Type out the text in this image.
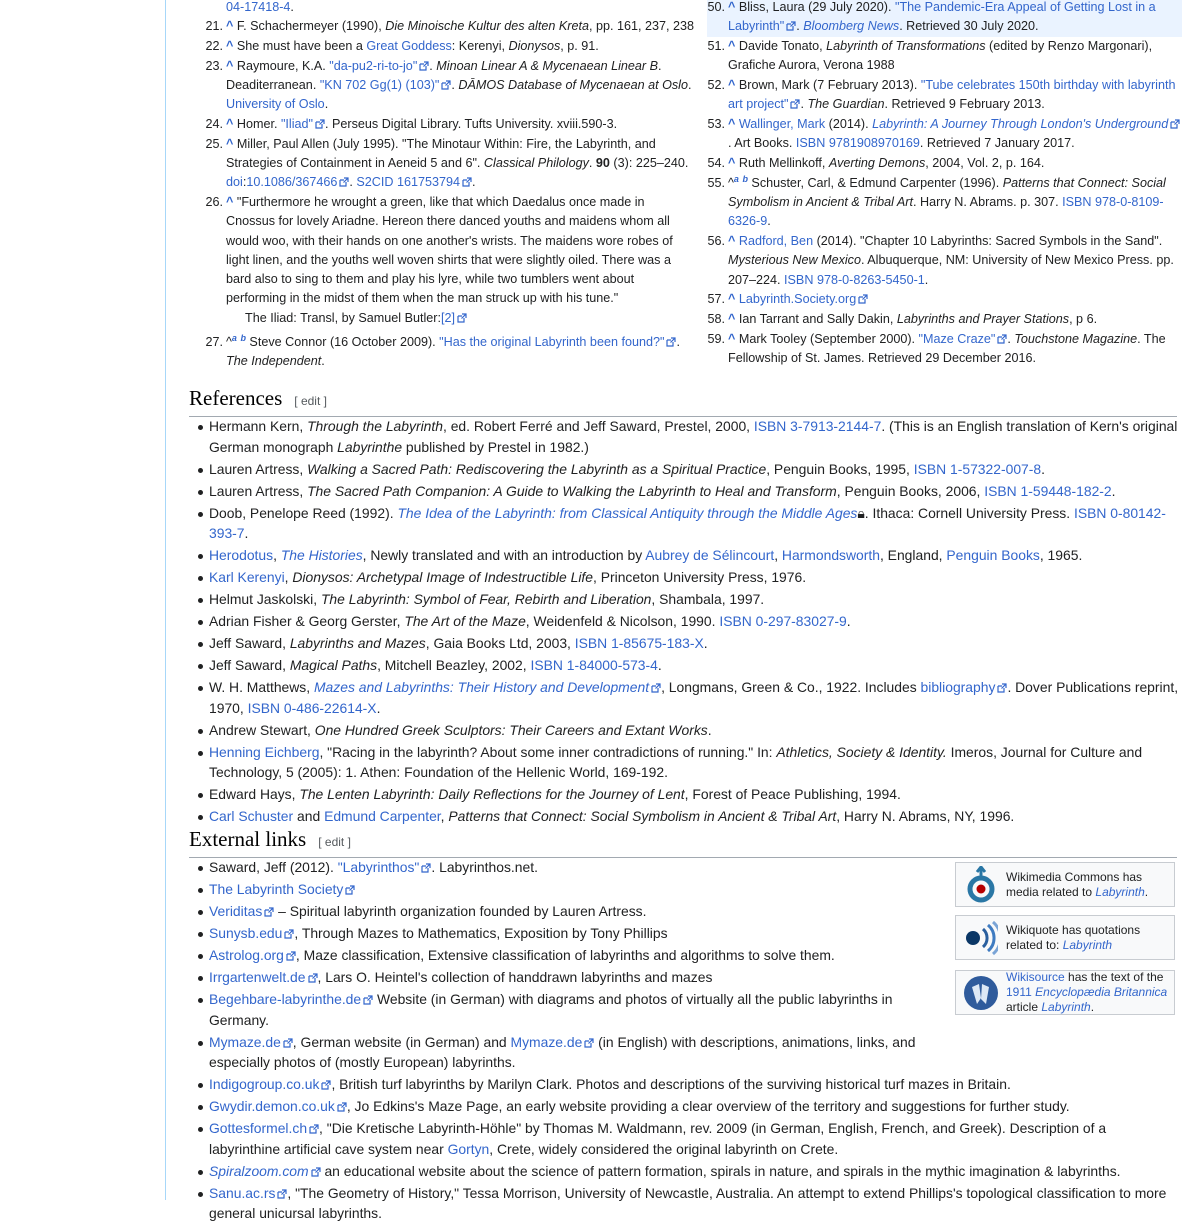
04-17418-4.
21. ^ F. Schachermeyer (1990), Die Minoische Kultur des alten Kreta, pp. 161, 237, 238
22. ^ She must have been a Great Goddess: Kerenyi, Dionysos, p. 91.
23. ^ Raymoure, K.A. "da-pu2-ri-to-jo" . Minoan Linear A & Mycenaean Linear B. Deaditerranean. "KN 702 Gg(1) (103)" . DĀMOS Database of Mycenaean at Oslo. University of Oslo.
24. ^ Homer. "Iliad" . Perseus Digital Library. Tufts University. xviii.590-3.
25. ^ Miller, Paul Allen (July 1995). "The Minotaur Within: Fire, the Labyrinth, and Strategies of Containment in Aeneid 5 and 6". Classical Philology. 90 (3): 225–240. doi:10.1086/367466 . S2CID 161753794 .
26. ^ "Furthermore he wrought a green, like that which Daedalus once made in Cnossus for lovely Ariadne. Hereon there danced youths and maidens whom all would woo, with their hands on one another's wrists. The maidens wore robes of light linen, and the youths well woven shirts that were slightly oiled. There was a bard also to sing to them and play his lyre, while two tumblers went about performing in the midst of them when the man struck up with his tune."
The Iliad: Transl, by Samuel Butler:[2]
27. ^$^a$ $^b$ Steve Connor (16 October 2009). "Has the original Labyrinth been found?" . The Independent.
50. ^ Bliss, Laura (29 July 2020). "The Pandemic-Era Appeal of Getting Lost in a Labyrinth" . Bloomberg News. Retrieved 30 July 2020.
51. ^ Davide Tonato, Labyrinth of Transformations (edited by Renzo Margonari), Grafiche Aurora, Verona 1988
52. ^ Brown, Mark (7 February 2013). "Tube celebrates 150th birthday with labyrinth art project" . The Guardian. Retrieved 9 February 2013.
53. ^ Wallinger, Mark (2014). Labyrinth: A Journey Through London's Underground. Art Books. ISBN 9781908970169. Retrieved 7 January 2017.
54. ^ Ruth Mellinkoff, Averting Demons, 2004, Vol. 2, p. 164.
55. ^$^a$ $^b$ Schuster, Carl, & Edmund Carpenter (1996). Patterns that Connect: Social Symbolism in Ancient & Tribal Art. Harry N. Abrams. p. 307. ISBN 978-0-8109-6326-9.
56. ^ Radford, Ben (2014). "Chapter 10 Labyrinths: Sacred Symbols in the Sand". Mysterious New Mexico. Albuquerque, NM: University of New Mexico Press. pp. 207–224. ISBN 978-0-8263-5450-1.
57. ^ Labyrinth.Society.org
58. ^ Ian Tarrant and Sally Dakin, Labyrinths and Prayer Stations, p 6.
59. ^ Mark Tooley (September 2000). "Maze Craze" . Touchstone Magazine. The Fellowship of St. James. Retrieved 29 December 2016.
References [ edit ]
Hermann Kern, Through the Labyrinth, ed. Robert Ferré and Jeff Saward, Prestel, 2000, ISBN 3-7913-2144-7. (This is an English translation of Kern's original German monograph Labyrinthe published by Prestel in 1982.)
Lauren Artress, Walking a Sacred Path: Rediscovering the Labyrinth as a Spiritual Practice, Penguin Books, 1995, ISBN 1-57322-007-8.
Lauren Artress, The Sacred Path Companion: A Guide to Walking the Labyrinth to Heal and Transform, Penguin Books, 2006, ISBN 1-59448-182-2.
Doob, Penelope Reed (1992). The Idea of the Labyrinth: from Classical Antiquity through the Middle Ages🔒︎. Ithaca: Cornell University Press. ISBN 0-80142-393-7.
Herodotus, The Histories, Newly translated and with an introduction by Aubrey de Sélincourt, Harmondsworth, England, Penguin Books, 1965.
Karl Kerenyi, Dionysos: Archetypal Image of Indestructible Life, Princeton University Press, 1976.
Helmut Jaskolski, The Labyrinth: Symbol of Fear, Rebirth and Liberation, Shambala, 1997.
Adrian Fisher & Georg Gerster, The Art of the Maze, Weidenfeld & Nicolson, 1990. ISBN 0-297-83027-9.
Jeff Saward, Labyrinths and Mazes, Gaia Books Ltd, 2003, ISBN 1-85675-183-X.
Jeff Saward, Magical Paths, Mitchell Beazley, 2002, ISBN 1-84000-573-4.
W. H. Matthews, Mazes and Labyrinths: Their History and Development , Longmans, Green & Co., 1922. Includes bibliography . Dover Publications reprint, 1970, ISBN 0-486-22614-X.
Andrew Stewart, One Hundred Greek Sculptors: Their Careers and Extant Works.
Henning Eichberg, "Racing in the labyrinth? About some inner contradictions of running." In: Athletics, Society & Identity. Imeros, Journal for Culture and Technology, 5 (2005): 1. Athen: Foundation of the Hellenic World, 169-192.
Edward Hays, The Lenten Labyrinth: Daily Reflections for the Journey of Lent, Forest of Peace Publishing, 1994.
Carl Schuster and Edmund Carpenter, Patterns that Connect: Social Symbolism in Ancient & Tribal Art, Harry N. Abrams, NY, 1996.
External links [ edit ]
Saward, Jeff (2012). "Labyrinthos" . Labyrinthos.net.
The Labyrinth Society
Veriditas – Spiritual labyrinth organization founded by Lauren Artress.
Sunysb.edu , Through Mazes to Mathematics, Exposition by Tony Phillips
Astrolog.org , Maze classification, Extensive classification of labyrinths and algorithms to solve them.
Irrgartenwelt.de , Lars O. Heintel's collection of handdrawn labyrinths and mazes
Begehbare-labyrinthe.de Website (in German) with diagrams and photos of virtually all the public labyrinths in Germany.
Mymaze.de , German website (in German) and Mymaze.de (in English) with descriptions, animations, links, and especially photos of (mostly European) labyrinths.
Indigogroup.co.uk , British turf labyrinths by Marilyn Clark. Photos and descriptions of the surviving historical turf mazes in Britain.
Gwydir.demon.co.uk , Jo Edkins's Maze Page, an early website providing a clear overview of the territory and suggestions for further study.
Gottesformel.ch , "Die Kretische Labyrinth-Höhle" by Thomas M. Waldmann, rev. 2009 (in German, English, French, and Greek). Description of a labyrinthine artificial cave system near Gortyn, Crete, widely considered the original labyrinth on Crete.
Spiralzoom.com an educational website about the science of pattern formation, spirals in nature, and spirals in the mythic imagination & labyrinths.
Sanu.ac.rs , "The Geometry of History," Tessa Morrison, University of Newcastle, Australia. An attempt to extend Phillips's topological classification to more general unicursal labyrinths.
Wikimedia Commons has media related to Labyrinth.
Wikiquote has quotations related to: Labyrinth
Wikisource has the text of the 1911 Encyclopædia Britannica article Labyrinth.
